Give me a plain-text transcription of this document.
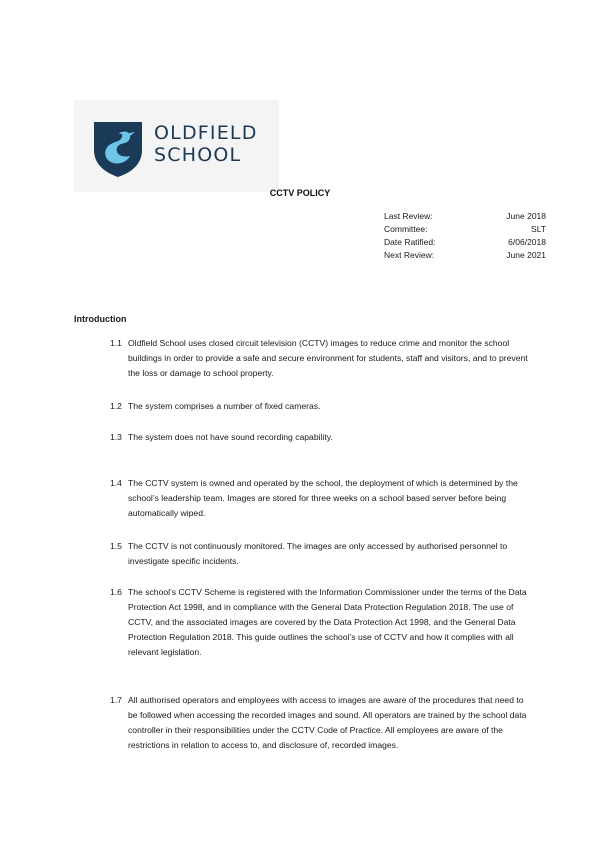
OLDFIELD
SCHOOL
CCTV POLICY
Last Review:	June 2018
Committee:	SLT
Date Ratified:	6/06/2018
Next Review:	June 2021
Introduction
1.1 Oldfield School uses closed circuit television (CCTV) images to reduce crime and monitor the school buildings in order to provide a safe and secure environment for students, staff and visitors, and to prevent the loss or damage to school property.
1.2 The system comprises a number of fixed cameras.
1.3 The system does not have sound recording capability.
1.4 The CCTV system is owned and operated by the school, the deployment of which is determined by the school’s leadership team. Images are stored for three weeks on a school based server before being automatically wiped.
1.5 The CCTV is not continuously monitored. The images are only accessed by authorised personnel to investigate specific incidents.
1.6 The school’s CCTV Scheme is registered with the Information Commissioner under the terms of the Data Protection Act 1998, and in compliance with the General Data Protection Regulation 2018. The use of CCTV, and the associated images are covered by the Data Protection Act 1998, and the General Data Protection Regulation 2018. This guide outlines the school’s use of CCTV and how it complies with all relevant legislation.
1.7 All authorised operators and employees with access to images are aware of the procedures that need to be followed when accessing the recorded images and sound. All operators are trained by the school data controller in their responsibilities under the CCTV Code of Practice. All employees are aware of the restrictions in relation to access to, and disclosure of, recorded images.
